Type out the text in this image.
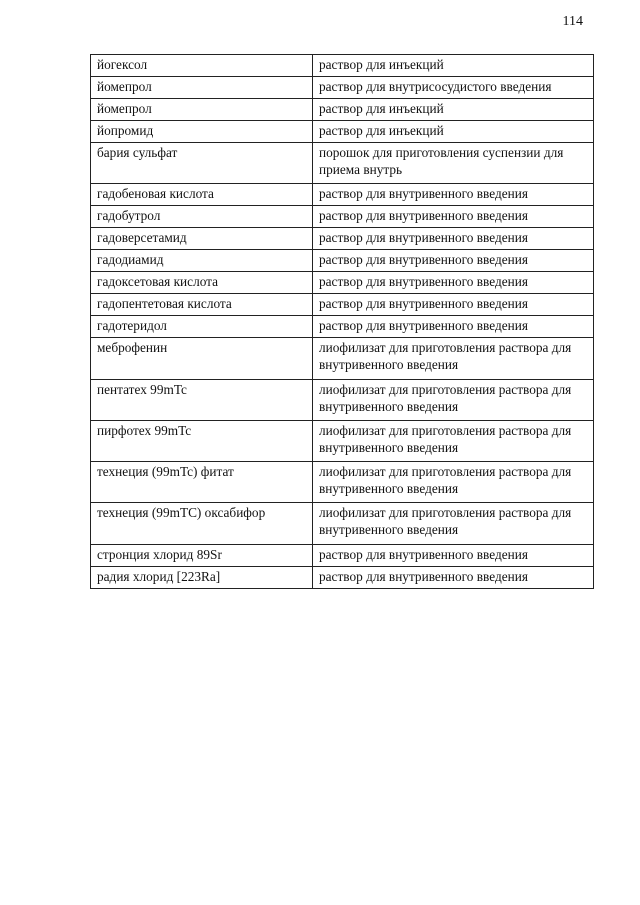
114
йогексол	раствор для инъекций
йомепрол	раствор для внутрисосудистого введения
йомепрол	раствор для инъекций
йопромид	раствор для инъекций
бария сульфат	порошок для приготовления суспензии для приема внутрь
гадобеновая кислота	раствор для внутривенного введения
гадобутрол	раствор для внутривенного введения
гадоверсетамид	раствор для внутривенного введения
гадодиамид	раствор для внутривенного введения
гадоксетовая кислота	раствор для внутривенного введения
гадопентетовая кислота	раствор для внутривенного введения
гадотеридол	раствор для внутривенного введения
меброфенин	лиофилизат для приготовления раствора для внутривенного введения
пентатех 99mTc	лиофилизат для приготовления раствора для внутривенного введения
пирфотех 99mTc	лиофилизат для приготовления раствора для внутривенного введения
технеция (99mTc) фитат	лиофилизат для приготовления раствора для внутривенного введения
технеция (99mTC) оксабифор	лиофилизат для приготовления раствора для внутривенного введения
стронция хлорид 89Sr	раствор для внутривенного введения
радия хлорид [223Ra]	раствор для внутривенного введения
